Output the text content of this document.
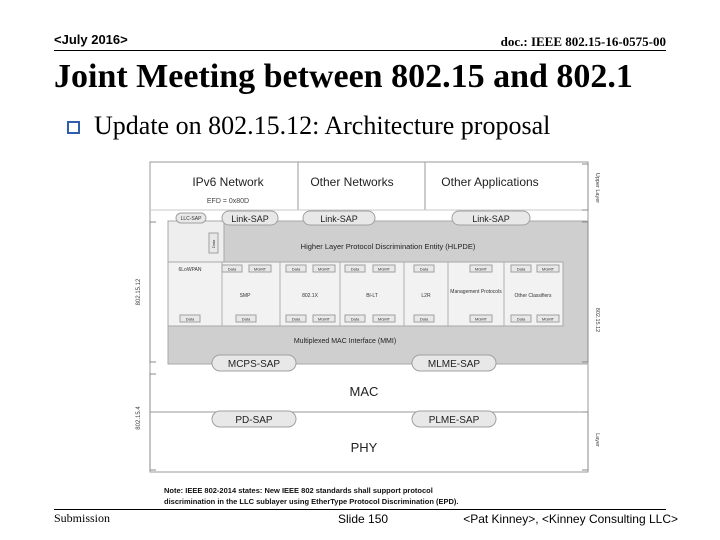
<July 2016>	doc.: IEEE 802.15-16-0575-00
Joint Meeting between 802.15 and 802.1
Update on 802.15.12: Architecture proposal
IPv6 Network	Other Networks	Other Applications
EFD = 0x80D
LLC-SAP	Link-SAP	Link-SAP	Link-SAP
Data	Higher Layer Protocol Discrimination Entity (HLPDE)
6LoWPAN
SMP	802.1X	Bl-LT	L2R
Management Protocols
Other Classifiers
Data	MGMT	Data	MGMT	Data	MGMT	Data	MGMT	Data	MGMT
Data	Data	Data	MGMT	Data	MGMT	Data	MGMT	Data	MGMT
Multiplexed MAC Interface (MMI)
MCPS-SAP	MLME-SAP
MAC
PD-SAP	PLME-SAP
PHY
802.15.12
802.15.4
Upper Layer
802.15.12
Layer
Note: IEEE 802-2014 states: New IEEE 802 standards shall support protocol
discrimination in the LLC sublayer using EtherType Protocol Discrimination (EPD).
Submission	Slide 150	<Pat Kinney>, <Kinney Consulting LLC>
